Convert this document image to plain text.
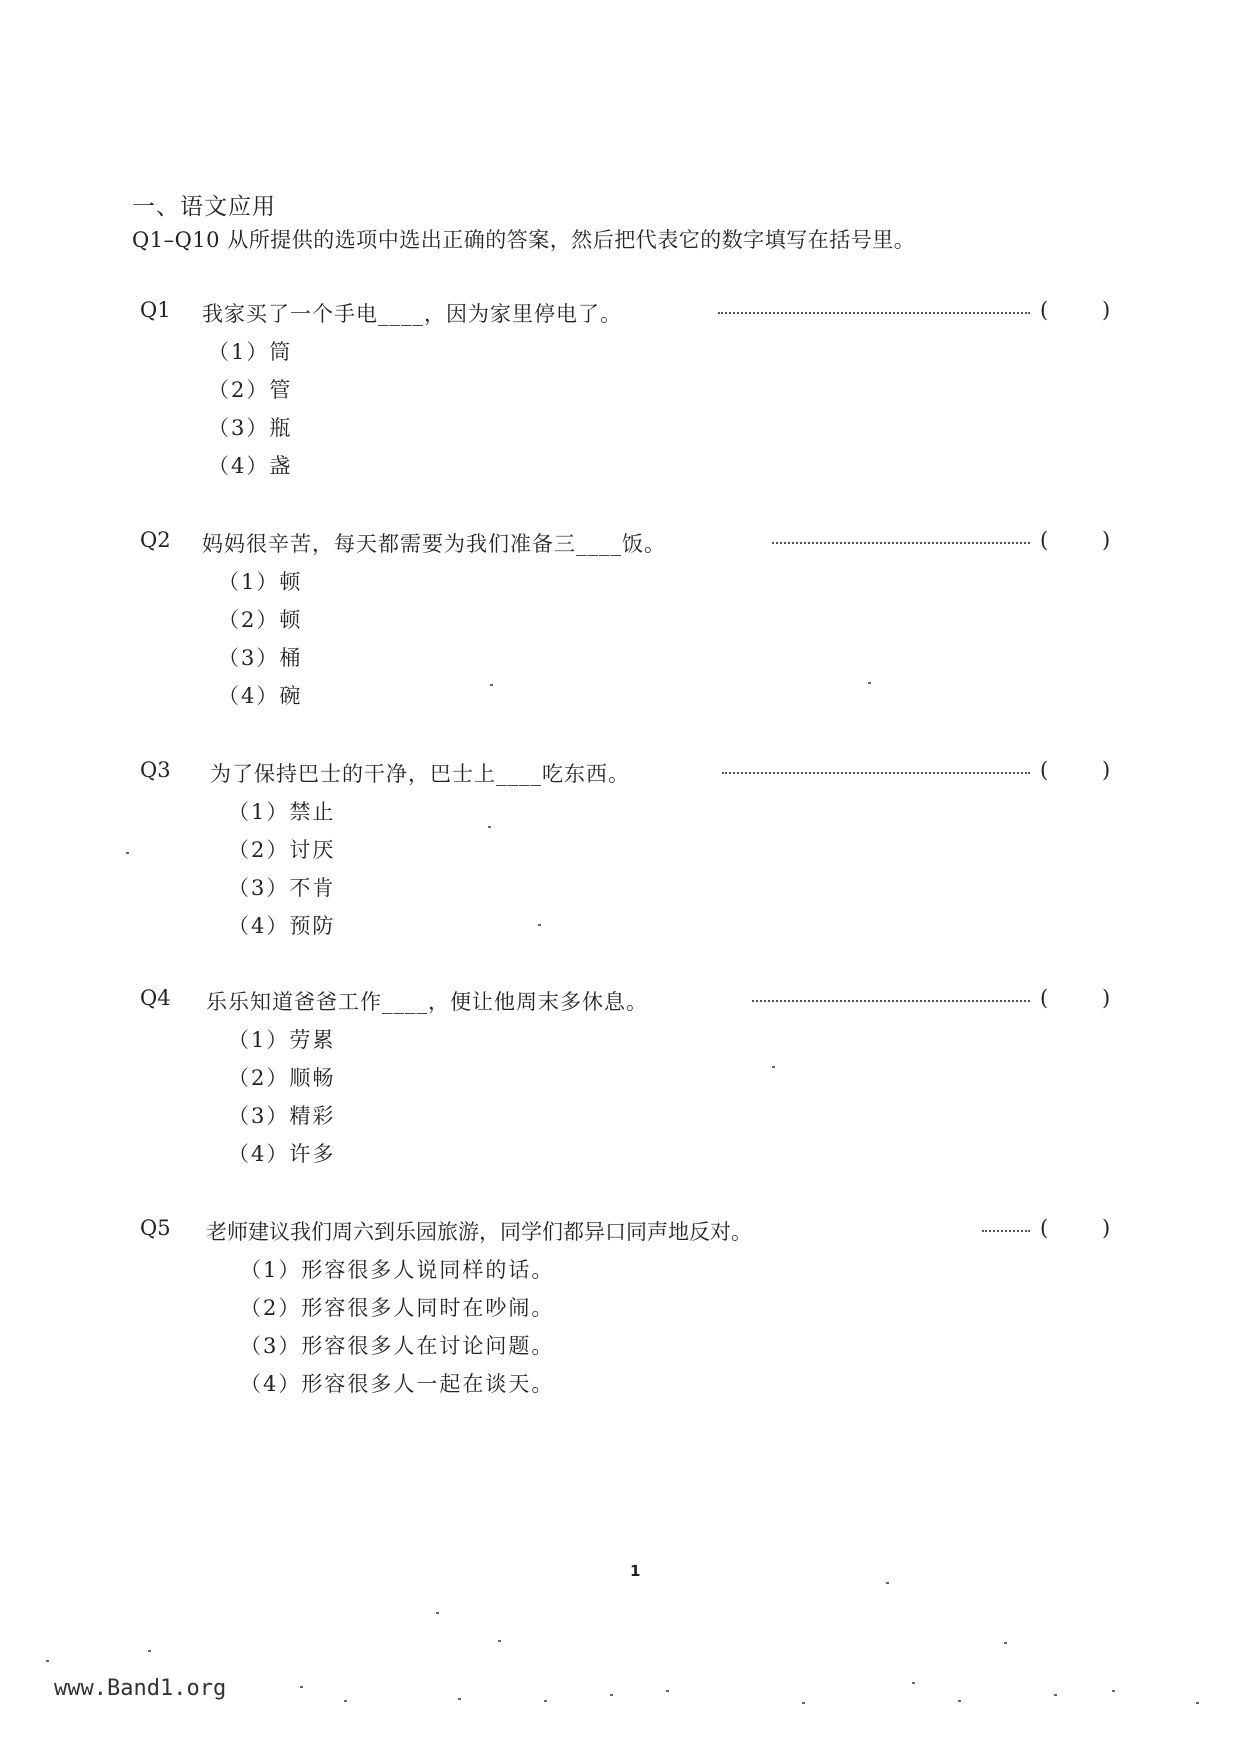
一、语文应用
Q1–Q10 从所提供的选项中选出正确的答案，然后把代表它的数字填写在括号里。
Q1	我家买了一个手电____，因为家里停电了。	(	)
（1）筒
（2）管
（3）瓶
（4）盏
Q2	妈妈很辛苦，每天都需要为我们准备三____饭。	(	)
（1）顿
（2）顿
（3）桶
（4）碗
Q3	为了保持巴士的干净，巴士上____吃东西。	(	)
（1）禁止
（2）讨厌
（3）不肯
（4）预防
Q4	乐乐知道爸爸工作____，便让他周末多休息。	(	)
（1）劳累
（2）顺畅
（3）精彩
（4）许多
Q5	老师建议我们周六到乐园旅游，同学们都异口同声地反对。	(	)
（1）形容很多人说同样的话。
（2）形容很多人同时在吵闹。
（3）形容很多人在讨论问题。
（4）形容很多人一起在谈天。
1
www.Band1.org
